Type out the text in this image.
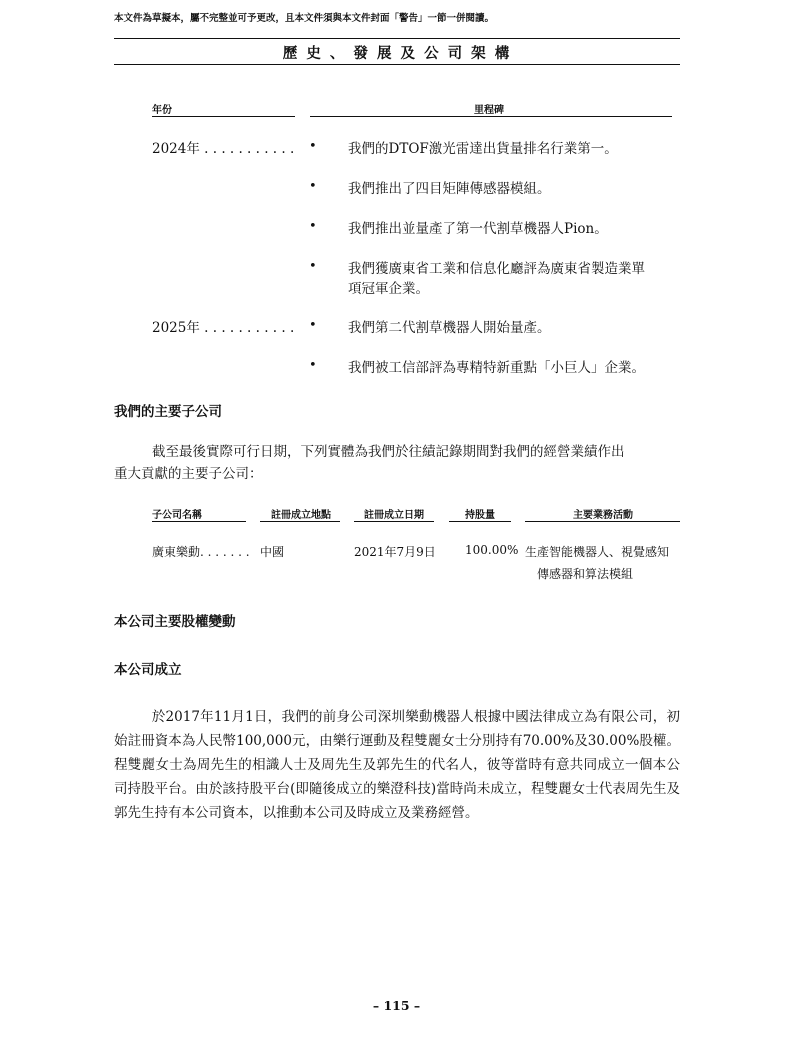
本文件為草擬本，屬不完整並可予更改，且本文件須與本文件封面「警告」一節一併閱讀。
歷 史 、 發 展 及 公 司 架 構
年份	里程碑
2024年 . . . . . . . . . . . • 我們的DTOF激光雷達出貨量排名行業第一。
• 我們推出了四目矩陣傳感器模組。
• 我們推出並量產了第一代割草機器人Pion。
• 我們獲廣東省工業和信息化廳評為廣東省製造業單
項冠軍企業。
2025年 . . . . . . . . . . . • 我們第二代割草機器人開始量產。
• 我們被工信部評為專精特新重點「小巨人」企業。
我們的主要子公司
截至最後實際可行日期，下列實體為我們於往績記錄期間對我們的經營業績作出
重大貢獻的主要子公司：
子公司名稱	註冊成立地點	註冊成立日期	持股量	主要業務活動
廣東樂動. . . . . . . 中國	2021年7月9日 100.00% 生產智能機器人、視覺感知
傳感器和算法模組
本公司主要股權變動
本公司成立

於2017年11月1日，我們的前身公司深圳樂動機器人根據中國法律成立為有限公司，初始註冊資本為人民幣100,000元，由樂行運動及程雙麗女士分別持有70.00%及30.00%股權。程雙麗女士為周先生的相識人士及周先生及郭先生的代名人，彼等當時有意共同成立一個本公司持股平台。由於該持股平台(即隨後成立的樂澄科技)當時尚未成立，程雙麗女士代表周先生及郭先生持有本公司資本，以推動本公司及時成立及業務經營。

– 115 –
